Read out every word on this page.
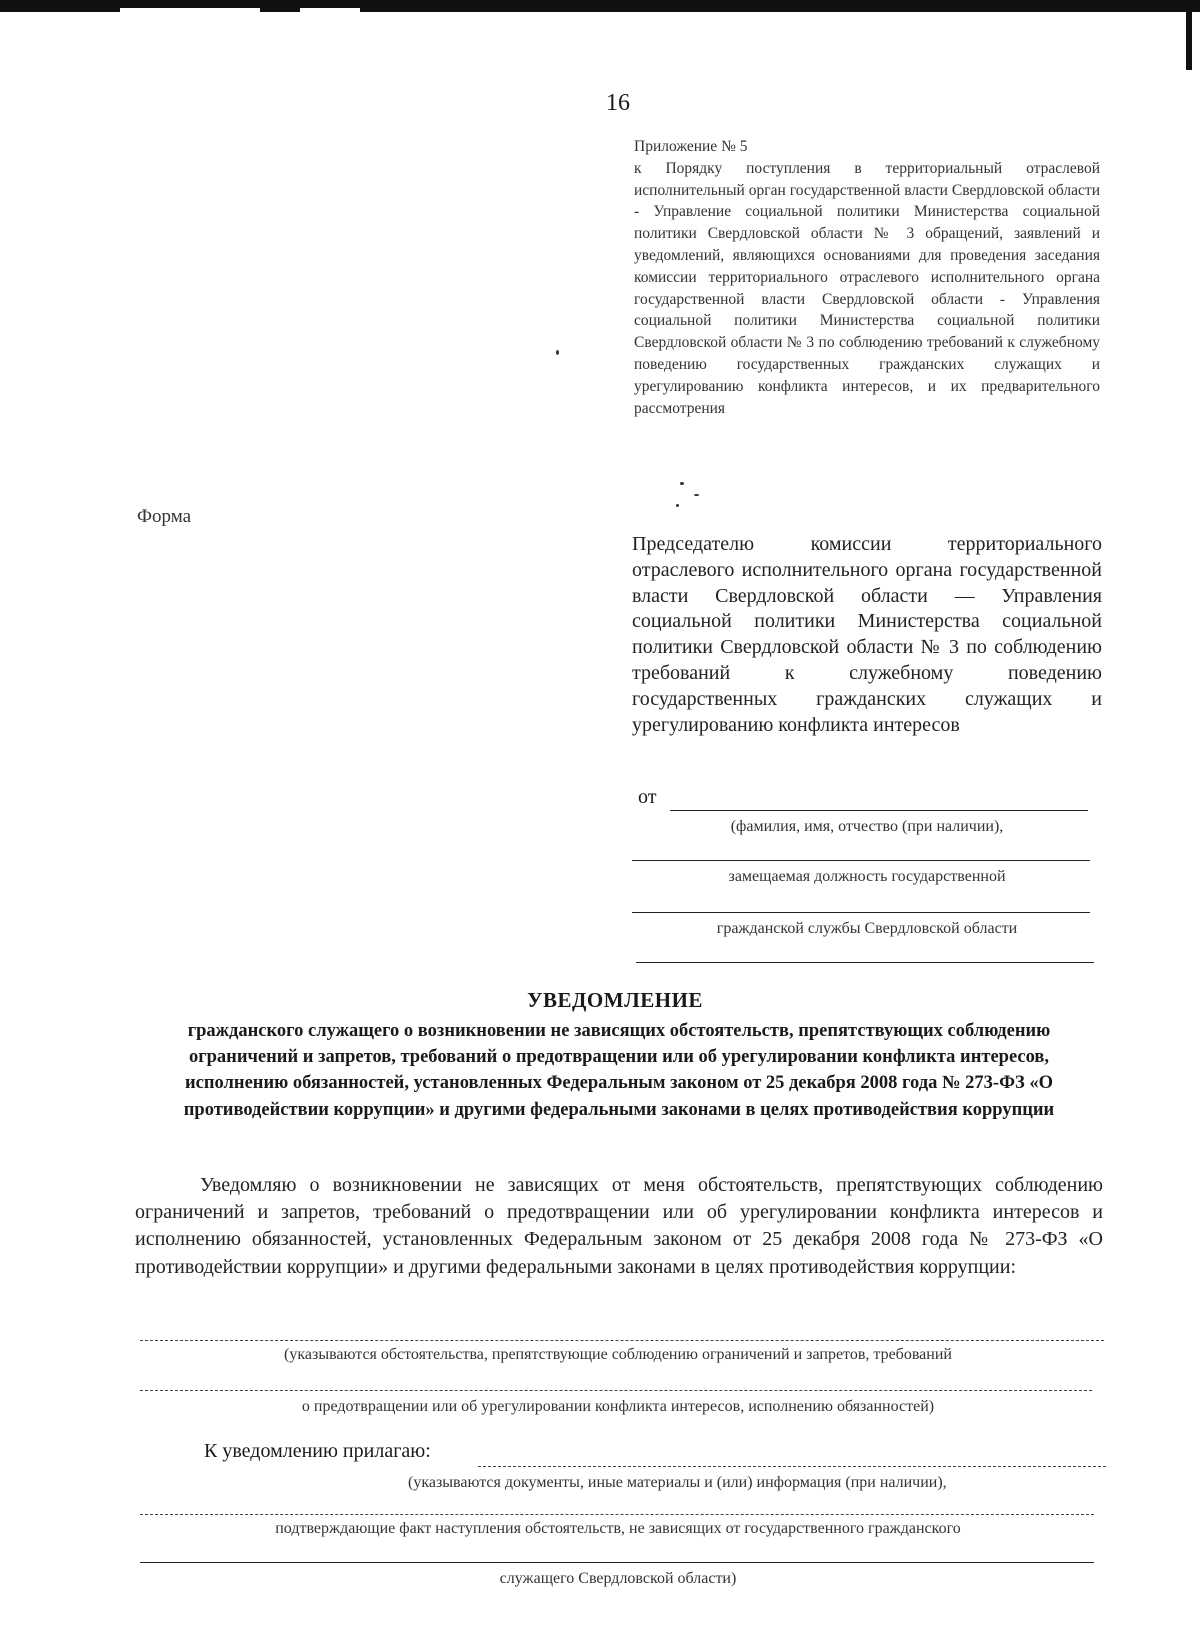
16
Приложение № 5
к Порядку поступления в территориальный отраслевой исполнительный орган государственной власти Свердловской области - Управление социальной политики Министерства социальной политики Свердловской области № 3 обращений, заявлений и уведомлений, являющихся основаниями для проведения заседания комиссии территориального отраслевого исполнительного органа государственной власти Свердловской области - Управления социальной политики Министерства социальной политики Свердловской области № 3 по соблюдению требований к служебному поведению государственных гражданских служащих и урегулированию конфликта интересов, и их предварительного рассмотрения
Форма
Председателю комиссии территориального отраслевого исполнительного органа государственной власти Свердловской области — Управления социальной политики Министерства социальной политики Свердловской области № 3 по соблюдению требований к служебному поведению государственных гражданских служащих и урегулированию конфликта интересов
от
(фамилия, имя, отчество (при наличии),
замещаемая должность государственной
гражданской службы Свердловской области
УВЕДОМЛЕНИЕ
гражданского служащего о возникновении не зависящих обстоятельств, препятствующих соблюдению ограничений и запретов, требований о предотвращении или об урегулировании конфликта интересов, исполнению обязанностей, установленных Федеральным законом от 25 декабря 2008 года № 273-ФЗ «О противодействии коррупции» и другими федеральными законами в целях противодействия коррупции
Уведомляю о возникновении не зависящих от меня обстоятельств, препятствующих соблюдению ограничений и запретов, требований о предотвращении или об урегулировании конфликта интересов и исполнению обязанностей, установленных Федеральным законом от 25 декабря 2008 года № 273-ФЗ «О противодействии коррупции» и другими федеральными законами в целях противодействия коррупции:
(указываются обстоятельства, препятствующие соблюдению ограничений и запретов, требований
о предотвращении или об урегулировании конфликта интересов, исполнению обязанностей)
К уведомлению прилагаю:
(указываются документы, иные материалы и (или) информация (при наличии),
подтверждающие факт наступления обстоятельств, не зависящих от государственного гражданского
служащего Свердловской области)
